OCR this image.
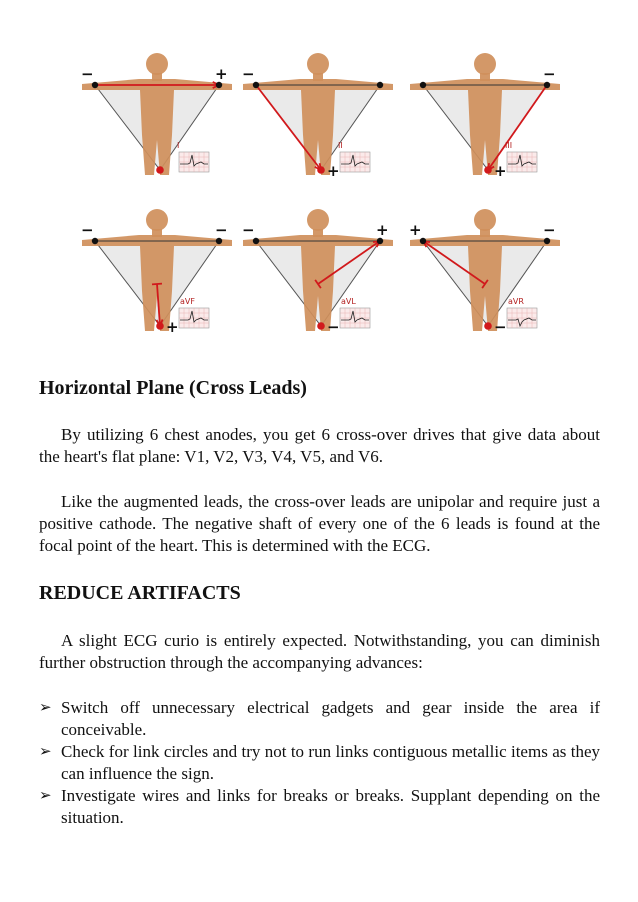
−	+
I
−
+
II
−
+
III
−	−
+
aVF
−	+
−
aVL
+	−
−
aVR
Horizontal Plane (Cross Leads)

By utilizing 6 chest anodes, you get 6 cross-over drives that give data about the heart's flat plane: V1, V2, V3, V4, V5, and V6.

Like the augmented leads, the cross-over leads are unipolar and require just a positive cathode. The negative shaft of every one of the 6 leads is found at the focal point of the heart. This is determined with the ECG.

REDUCE ARTIFACTS

A slight ECG curio is entirely expected. Notwithstanding, you can diminish further obstruction through the accompanying advances:

➢ Switch off unnecessary electrical gadgets and gear inside the area if conceivable.
➢ Check for link circles and try not to run links contiguous metallic items as they can influence the sign.
➢ Investigate wires and links for breaks or breaks. Supplant depending on the situation.
